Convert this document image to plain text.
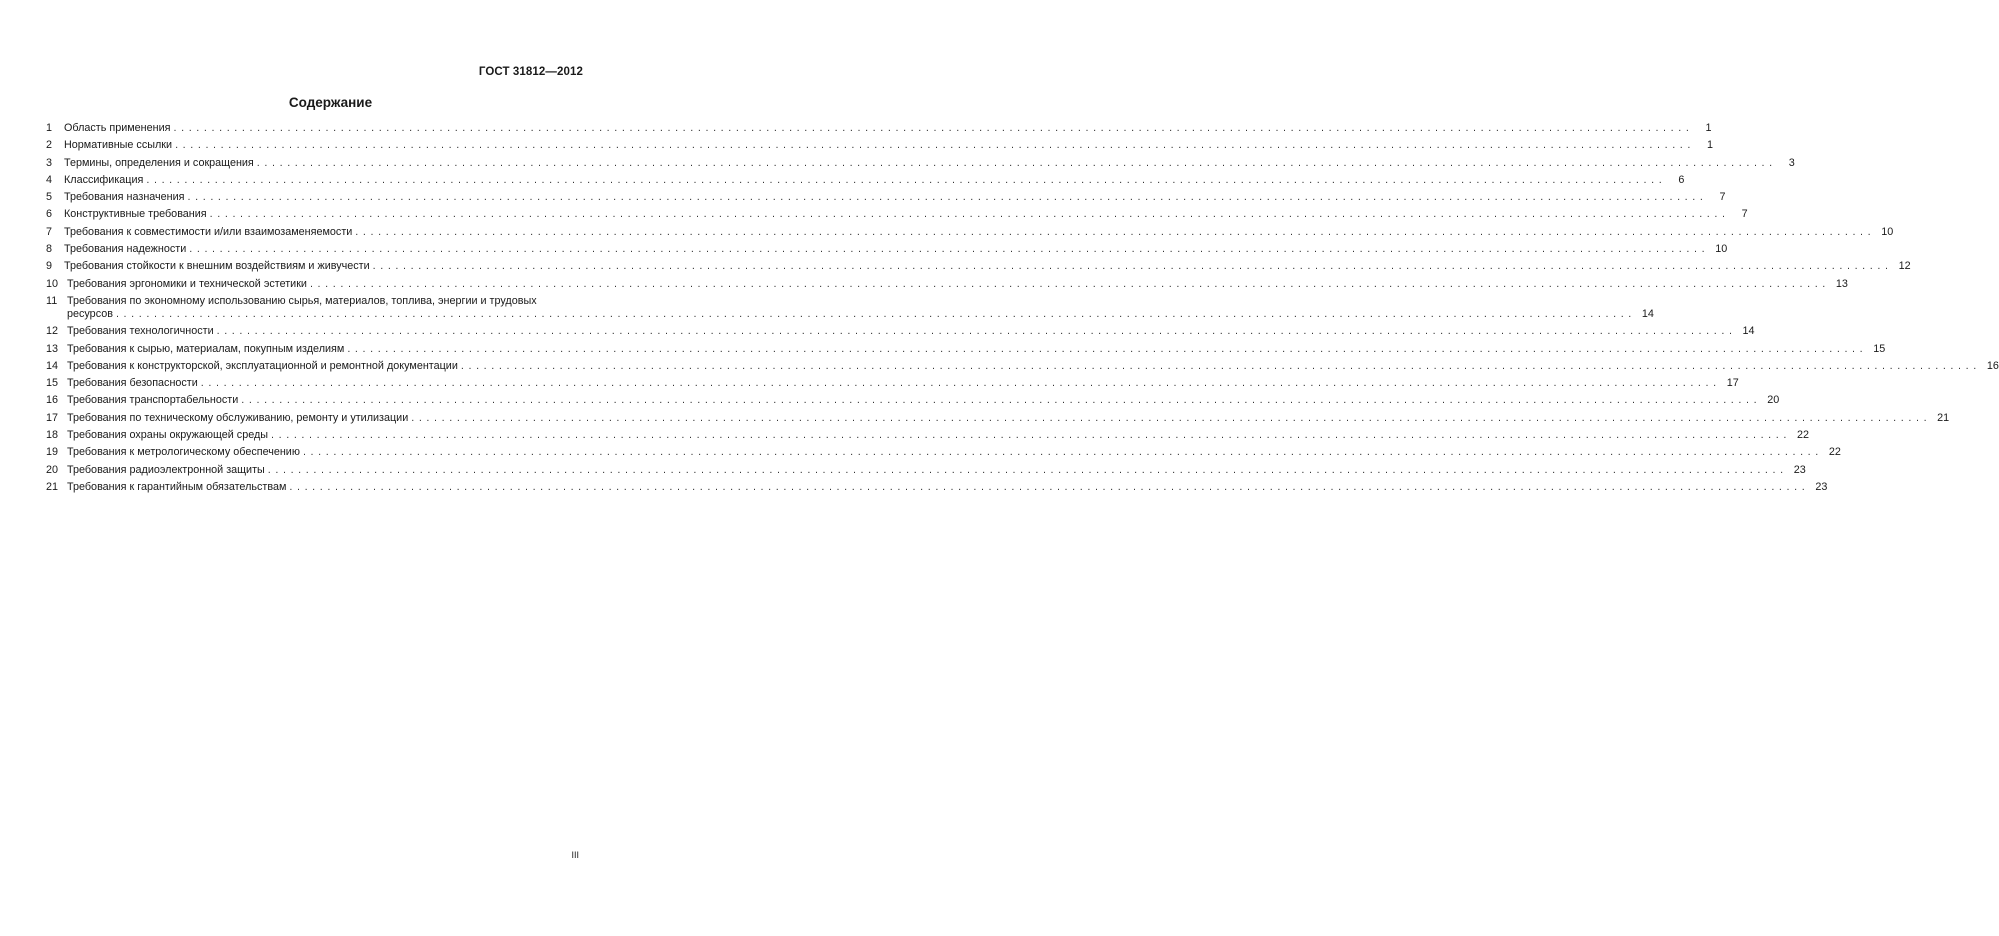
ГОСТ 31812—2012
Содержание
1	Область применения ........................................................................................................................................................................................................	1
2	Нормативные ссылки ........................................................................................................................................................................................................	1
3	Термины, определения и сокращения ........................................................................................................................................................................................................	3
4	Классификация ........................................................................................................................................................................................................	6
5	Требования назначения ........................................................................................................................................................................................................	7
6	Конструктивные требования ........................................................................................................................................................................................................	7
7	Требования к совместимости и/или взаимозаменяемости ........................................................................................................................................................................................................ 10
8	Требования надежности ........................................................................................................................................................................................................ 10
9	Требования стойкости к внешним воздействиям и живучести ........................................................................................................................................................................................................ 12
10 Требования эргономики и технической эстетики ........................................................................................................................................................................................................ 13
11 Требования по экономному использованию сырья, материалов, топлива, энергии и трудовых
ресурсов ........................................................................................................................................................................................................ 14
12 Требования технологичности ........................................................................................................................................................................................................ 14
13 Требования к сырью, материалам, покупным изделиям ........................................................................................................................................................................................................ 15
14 Требования к конструкторской, эксплуатационной и ремонтной документации ........................................................................................................................................................................................................ 16
15 Требования безопасности ........................................................................................................................................................................................................ 17
16 Требования транспортабельности ........................................................................................................................................................................................................ 20
17 Требования по техническому обслуживанию, ремонту и утилизации ........................................................................................................................................................................................................ 21
18 Требования охраны окружающей среды ........................................................................................................................................................................................................ 22
19 Требования к метрологическому обеспечению ........................................................................................................................................................................................................ 22
20 Требования радиоэлектронной защиты ........................................................................................................................................................................................................ 23
21 Требования к гарантийным обязательствам ........................................................................................................................................................................................................ 23
III
